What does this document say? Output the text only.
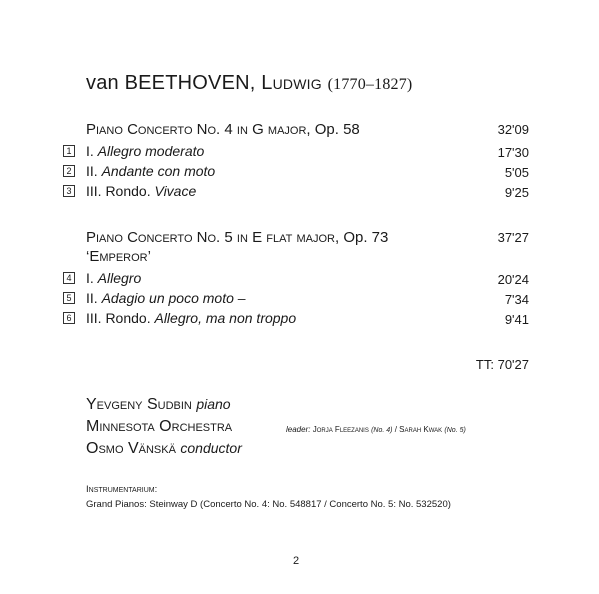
van BEETHOVEN, Ludwig (1770–1827)
Piano Concerto No. 4 in G major, Op. 58	32'09
1 I. Allegro moderato	17'30
2 II. Andante con moto	5'05
3 III. Rondo. Vivace	9'25
Piano Concerto No. 5 in E flat major, Op. 73	37'27
‘Emperor’
4 I. Allegro	20'24
5 II. Adagio un poco moto –	7'34
6 III. Rondo. Allegro, ma non troppo	9'41
TT: 70'27
Yevgeny Sudbin piano
Minnesota Orchestra
Osmo Vänskä conductor
leader: Jorja Fleezanis (No. 4) / Sarah Kwak (No. 5)
Instrumentarium:
Grand Pianos: Steinway D (Concerto No. 4: No. 548817 / Concerto No. 5: No. 532520)
2
